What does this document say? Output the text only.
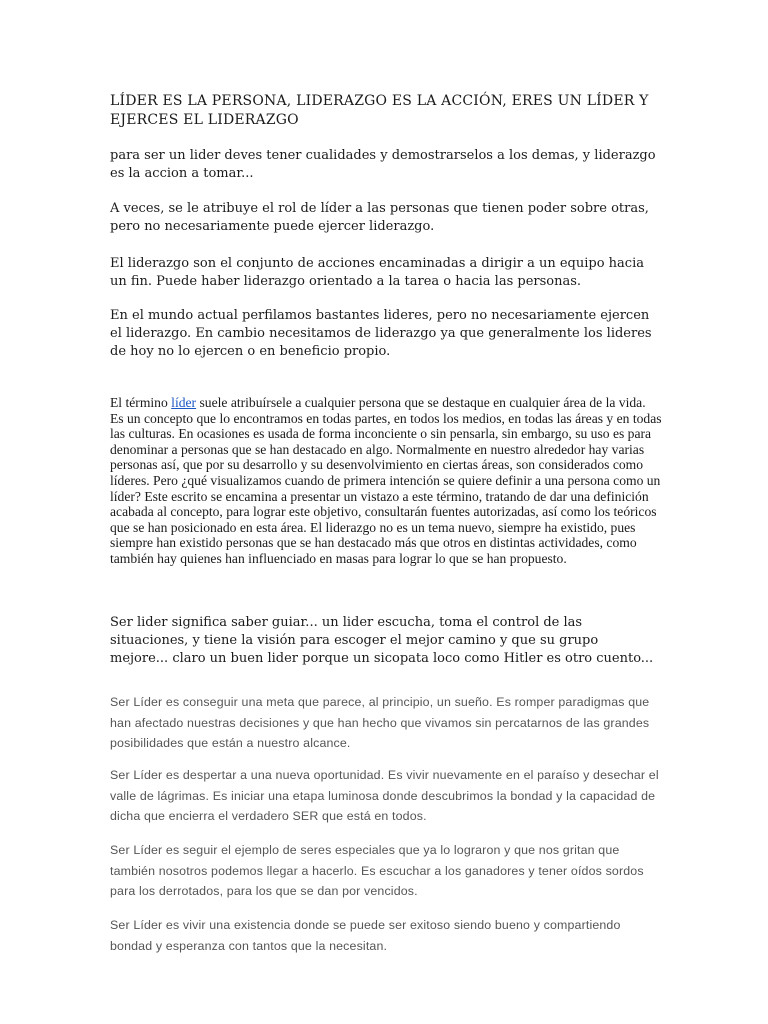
LÍDER ES LA PERSONA, LIDERAZGO ES LA ACCIÓN, ERES UN LÍDER Y EJERCES EL LIDERAZGO

para ser un lider deves tener cualidades y demostrarselos a los demas, y liderazgo es la accion a tomar...

A veces, se le atribuye el rol de líder a las personas que tienen poder sobre otras, pero no necesariamente puede ejercer liderazgo.

El liderazgo son el conjunto de acciones encaminadas a dirigir a un equipo hacia un fin. Puede haber liderazgo orientado a la tarea o hacia las personas.

En el mundo actual perfilamos bastantes lideres, pero no necesariamente ejercen el liderazgo. En cambio necesitamos de liderazgo ya que generalmente los lideres de hoy no lo ejercen o en beneficio propio.

El término líder suele atribuírsele a cualquier persona que se destaque en cualquier área de la vida. Es un concepto que lo encontramos en todas partes, en todos los medios, en todas las áreas y en todas las culturas. En ocasiones es usada de forma inconciente o sin pensarla, sin embargo, su uso es para denominar a personas que se han destacado en algo. Normalmente en nuestro alrededor hay varias personas así, que por su desarrollo y su desenvolvimiento en ciertas áreas, son considerados como líderes. Pero ¿qué visualizamos cuando de primera intención se quiere definir a una persona como un líder? Este escrito se encamina a presentar un vistazo a este término, tratando de dar una definición acabada al concepto, para lograr este objetivo, consultarán fuentes autorizadas, así como los teóricos que se han posicionado en esta área. El liderazgo no es un tema nuevo, siempre ha existido, pues siempre han existido personas que se han destacado más que otros en distintas actividades, como también hay quienes han influenciado en masas para lograr lo que se han propuesto.

Ser lider significa saber guiar... un lider escucha, toma el control de las situaciones, y tiene la visión para escoger el mejor camino y que su grupo mejore... claro un buen lider porque un sicopata loco como Hitler es otro cuento...

Ser Líder es conseguir una meta que parece, al principio, un sueño. Es romper paradigmas que han afectado nuestras decisiones y que han hecho que vivamos sin percatarnos de las grandes posibilidades que están a nuestro alcance.

Ser Líder es despertar a una nueva oportunidad. Es vivir nuevamente en el paraíso y desechar el valle de lágrimas. Es iniciar una etapa luminosa donde descubrimos la bondad y la capacidad de dicha que encierra el verdadero SER que está en todos.

Ser Líder es seguir el ejemplo de seres especiales que ya lo lograron y que nos gritan que también nosotros podemos llegar a hacerlo. Es escuchar a los ganadores y tener oídos sordos para los derrotados, para los que se dan por vencidos.

Ser Líder es vivir una existencia donde se puede ser exitoso siendo bueno y compartiendo bondad y esperanza con tantos que la necesitan.
